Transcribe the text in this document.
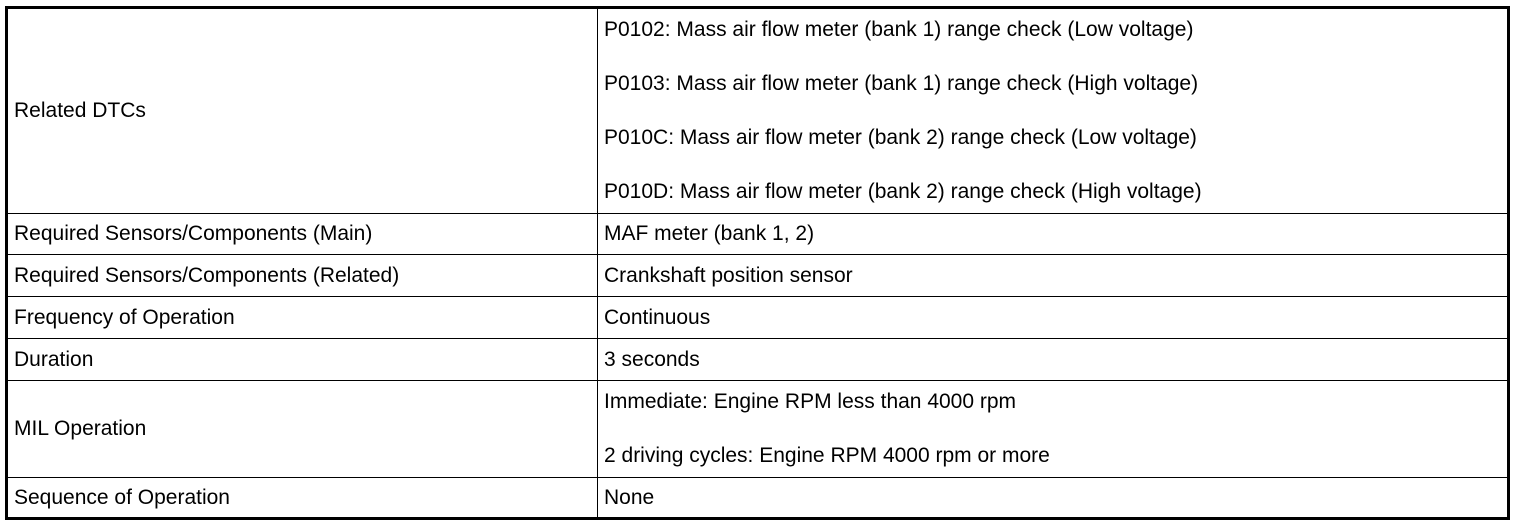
Related DTCs	P0102: Mass air flow meter (bank 1) range check (Low voltage)
P0103: Mass air flow meter (bank 1) range check (High voltage)
P010C: Mass air flow meter (bank 2) range check (Low voltage)
P010D: Mass air flow meter (bank 2) range check (High voltage)

Required Sensors/Components (Main)	MAF meter (bank 1, 2)
Required Sensors/Components (Related)	Crankshaft position sensor
Frequency of Operation	Continuous
Duration	3 seconds
MIL Operation	Immediate: Engine RPM less than 4000 rpm
2 driving cycles: Engine RPM 4000 rpm or more

Sequence of Operation	None
